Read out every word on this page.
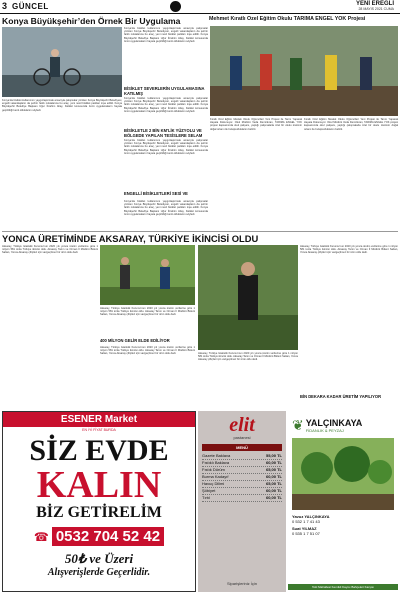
3 GÜNCEL	YENİ EREĞLİ
28 MAYIS 2021 CUMA
Konya Büyükşehir’den Örnek Bir Uygulama
Konya’da bisiklet kullanımını yaygınlaştırmak amacıyla çalışmalar yürüten Konya Büyükşehir Belediyesi, engelli vatandaşların da şehrin farklı noktalarına bu araç, yeni nesil bisiklet parkları inşa edildi. Konya Büyükşehir Belediye Başkanı Uğur İbrahim Altay, bisiklet konusunda öncü uygulamaların hayata geçirildiği kenti olduklarını söyledi.
Konya’da bisiklet kullanımını yaygınlaştırmak amacıyla çalışmalar yürüten Konya Büyükşehir Belediyesi, engelli vatandaşların da şehrin farklı noktalarına bu araç, yeni nesil bisiklet parkları inşa edildi. Konya Büyükşehir Belediye Başkanı Uğur İbrahim Altay, bisiklet konusunda öncü uygulamaların hayata geçirildiği kenti olduklarını söyledi.
BİSİKLET SEVERLERİN UYGULAMASINA KATILMIŞ
Konya’da bisiklet kullanımını yaygınlaştırmak amacıyla çalışmalar yürüten Konya Büyükşehir Belediyesi, engelli vatandaşların da şehrin farklı noktalarına bu araç, yeni nesil bisiklet parkları inşa edildi. Konya Büyükşehir Belediye Başkanı Uğur İbrahim Altay, bisiklet konusunda öncü uygulamaların hayata geçirildiği kenti olduklarını söyledi.
BİSİKLETLE 2 BİN KM'LİK YÜZYOLU VE BÖLGEDE YAPILAN TESİSLERE SELAM
Konya’da bisiklet kullanımını yaygınlaştırmak amacıyla çalışmalar yürüten Konya Büyükşehir Belediyesi, engelli vatandaşların da şehrin farklı noktalarına bu araç, yeni nesil bisiklet parkları inşa edildi. Konya Büyükşehir Belediye Başkanı Uğur İbrahim Altay, bisiklet konusunda öncü uygulamaların hayata geçirildiği kenti olduklarını söyledi.
ENGELLİ BİSİKLETLERİ SESİ VE
Konya’da bisiklet kullanımını yaygınlaştırmak amacıyla çalışmalar yürüten Konya Büyükşehir Belediyesi, engelli vatandaşların da şehrin farklı noktalarına bu araç, yeni nesil bisiklet parkları inşa edildi. Konya Büyükşehir Belediye Başkanı Uğur İbrahim Altay, bisiklet konusunda öncü uygulamaların hayata geçirildiği kenti olduklarını söyledi.
Mehmet Kıratlı Özel Eğitim Okulu TARIMA ENGEL YOK Projesi
Kıratlı Özel Eğitim Meslek Okulu Öğrencileri Yeni Projesi ile Tarım Yaparak Hayata Dokunuyor. Okul Müdürü Veda Demirkıran, TARIMA ENGEL YOK projesi kapsamında okul çalışanı, yaptığı çalışmalarla özel bir okulu üretimin doğal ortamı ile buluşturduklarını belirtti.
Kıratlı Özel Eğitim Meslek Okulu Öğrencileri Yeni Projesi ile Tarım Yaparak Hayata Dokunuyor. Okul Müdürü Veda Demirkıran, TARIMA ENGEL YOK projesi kapsamında okul çalışanı, yaptığı çalışmalarla özel bir okulu üretimin doğal ortamı ile buluşturduklarını belirtti.
YONCA ÜRETİMİNDE AKSARAY, TÜRKİYE İKİNCİSİ OLDU
Aksaray, Türkiye İstatistik Kurumu’nun 2020 yılı yonca üretim verilerine göre 1 milyon 581 tonla Türkiye ikincisi oldu. Aksaray Tarım ve Orman İl Müdürü Bülent Saltan, Yonca Aksaray çiftçileri için vazgeçilmez bir ürün oldu dedi.
Aksaray, Türkiye İstatistik Kurumu’nun 2020 yılı yonca üretim verilerine göre 1 milyon 581 tonla Türkiye ikincisi oldu. Aksaray Tarım ve Orman İl Müdürü Bülent Saltan, Yonca Aksaray çiftçileri için vazgeçilmez bir ürün oldu dedi.
400 MİLYON GELİR ELDE EDİLİYOR
Aksaray, Türkiye İstatistik Kurumu’nun 2020 yılı yonca üretim verilerine göre 1 milyon 581 tonla Türkiye ikincisi oldu. Aksaray Tarım ve Orman İl Müdürü Bülent Saltan, Yonca Aksaray çiftçileri için vazgeçilmez bir ürün oldu dedi.	Aksaray, Türkiye İstatistik Kurumu’nun 2020 yılı yonca üretim verilerine göre 1 milyon 581 tonla Türkiye ikincisi oldu. Aksaray Tarım ve Orman İl Müdürü Bülent Saltan, Yonca Aksaray çiftçileri için vazgeçilmez bir ürün oldu dedi.
Aksaray, Türkiye İstatistik Kurumu’nun 2020 yılı yonca üretim verilerine göre 1 milyon 581 tonla Türkiye ikincisi oldu. Aksaray Tarım ve Orman İl Müdürü Bülent Saltan, Yonca Aksaray çiftçileri için vazgeçilmez bir ürün oldu dedi.
BİN DEKARA KADAR ÜRETİM YAPILIYOR
ESENER Market
EN İYİ FİYAT BURDA
SİZ EVDE
KALIN
BİZ GETİRELİM
☎ 0532 704 52 42
50₺ ve Üzeri
Alışverişlerde Geçerlidir.
elit
pastanesi
MENÜ
Gazete Baklava	55,00 TL
Fıstıklı Baklava	60,00 TL
Fıstık Dürüm	65,00 TL
Burma Kadayıf	60,00 TL
Havuç Dilimi	65,00 TL
Şöbiyet	60,00 TL
Tırtıl	60,00 TL
Siparişleriniz İçin
❦ YALÇINKAYA
FİDANLIK & PEYZAJ
Yavuz YALÇINKAYA
0 532 1 7 41 43
Suat YILMAZ
0 535 1 7 51 07
Toki Mahallesi Kemikli Kayısı Bahçeleri Karşısı
